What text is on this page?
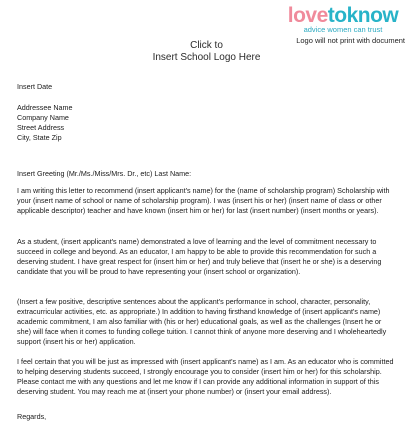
lovetoknow
advice women can trust
Logo will not print with document
Click to
Insert School Logo Here

Insert Date

Addressee Name

Company Name

Street Address

City, State Zip

Insert Greeting (Mr./Ms./Miss/Mrs. Dr., etc) Last Name:

I am writing this letter to recommend (insert applicant's name) for the (name of scholarship program) Scholarship with your (insert name of school or name of scholarship program). I was (insert his or her) (insert name of class or other applicable descriptor) teacher and have known (insert him or her) for last (insert number) (insert months or years).

As a student, (insert applicant's name) demonstrated a love of learning and the level of commitment necessary to succeed in college and beyond. As an educator, I am happy to be able to provide this recommendation for such a deserving student. I have great respect for (insert him or her) and truly believe that (insert he or she) is a deserving candidate that you will be proud to have representing your (insert school or organization).

(Insert a few positive, descriptive sentences about the applicant's performance in school, character, personality, extracurricular activities, etc. as appropriate.) In addition to having firsthand knowledge of (insert applicant's name) academic commitment, I am also familiar with (his or her) educational goals, as well as the challenges (Insert he or she) will face when it comes to funding college tuition. I cannot think of anyone more deserving and I wholeheartedly support (insert his or her) application.

I feel certain that you will be just as impressed with (insert applicant's name) as I am. As an educator who is committed to helping deserving students succeed, I strongly encourage you to consider (insert him or her) for this scholarship. Please contact me with any questions and let me know if I can provide any additional information in support of this deserving student. You may reach me at (insert your phone number) or (insert your email address).

Regards,
